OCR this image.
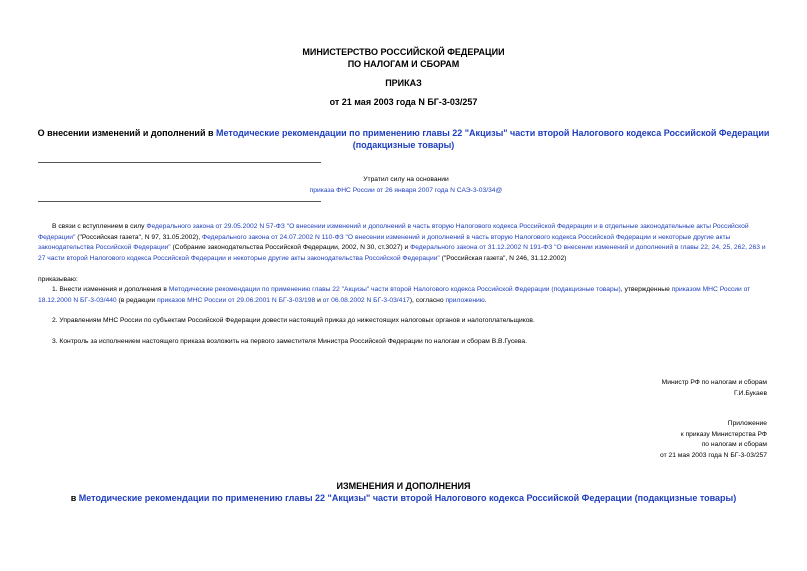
МИНИСТЕРСТВО РОССИЙСКОЙ ФЕДЕРАЦИИ
ПО НАЛОГАМ И СБОРАМ
ПРИКАЗ
от 21 мая 2003 года N БГ-3-03/257
О внесении изменений и дополнений в Методические рекомендации по применению главы 22 "Акцизы" части второй Налогового кодекса Российской Федерации (подакцизные товары)
Утратил силу на основании
приказа ФНС России от 26 января 2007 года N САЭ-3-03/34@
В связи с вступлением в силу Федерального закона от 29.05.2002 N 57-ФЗ "О внесении изменений и дополнений в часть вторую Налогового кодекса Российской Федерации и в отдельные законодательные акты Российской Федерации" ("Российская газета", N 97, 31.05.2002), Федерального закона от 24.07.2002 N 110-ФЗ "О внесении изменений и дополнений в часть вторую Налогового кодекса Российской Федерации и некоторые другие акты законодательства Российской Федерации" (Собрание законодательства Российской Федерации, 2002, N 30, ст.3027) и Федерального закона от 31.12.2002 N 191-ФЗ "О внесении изменений и дополнений в главы 22, 24, 25, 262, 263 и 27 части второй Налогового кодекса Российской Федерации и некоторые другие акты законодательства Российской Федерации" ("Российская газета", N 246, 31.12.2002)
приказываю:
1. Внести изменения и дополнения в Методические рекомендации по применению главы 22 "Акцизы" части второй Налогового кодекса Российской Федерации (подакцизные товары), утвержденные приказом МНС России от 18.12.2000 N БГ-3-03/440 (в редакции приказов МНС России от 29.06.2001 N БГ-3-03/198 и от 06.08.2002 N БГ-3-03/417), согласно приложению.
2. Управлениям МНС России по субъектам Российской Федерации довести настоящий приказ до нижестоящих налоговых органов и налогоплательщиков.
3. Контроль за исполнением настоящего приказа возложить на первого заместителя Министра Российской Федерации по налогам и сборам В.В.Гусева.
Министр РФ по налогам и сборам
Г.И.Букаев
Приложение
к приказу Министерства РФ
по налогам и сборам
от 21 мая 2003 года N БГ-3-03/257
ИЗМЕНЕНИЯ И ДОПОЛНЕНИЯ
в Методические рекомендации по применению главы 22 "Акцизы" части второй Налогового кодекса Российской Федерации (подакцизные товары)
